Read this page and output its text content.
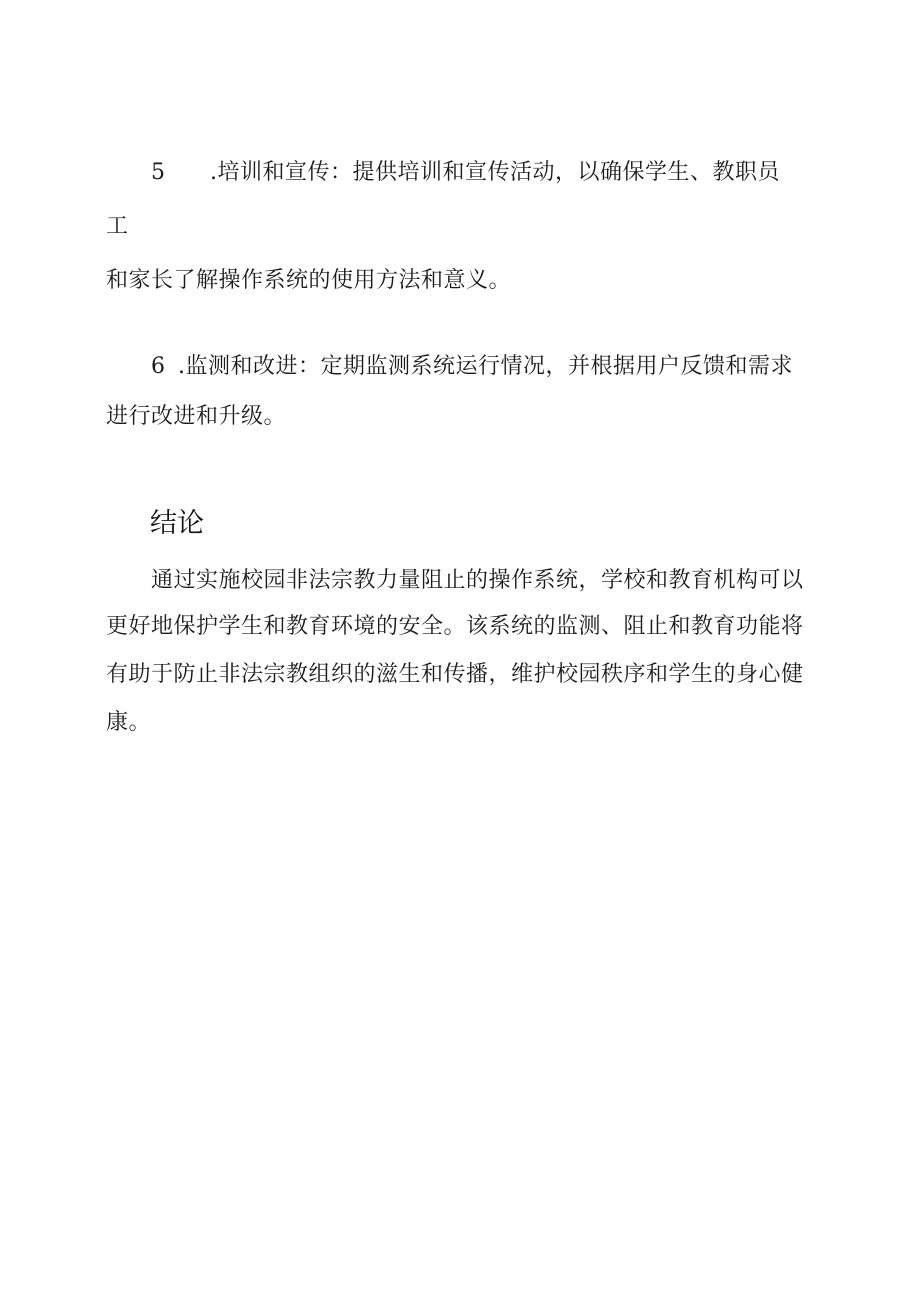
5 .培训和宣传：提供培训和宣传活动，以确保学生、教职员
工
和家长了解操作系统的使用方法和意义。
6 .监测和改进：定期监测系统运行情况，并根据用户反馈和需求
进行改进和升级。
结论
通过实施校园非法宗教力量阻止的操作系统，学校和教育机构可以
更好地保护学生和教育环境的安全。该系统的监测、阻止和教育功能将
有助于防止非法宗教组织的滋生和传播，维护校园秩序和学生的身心健
康。
